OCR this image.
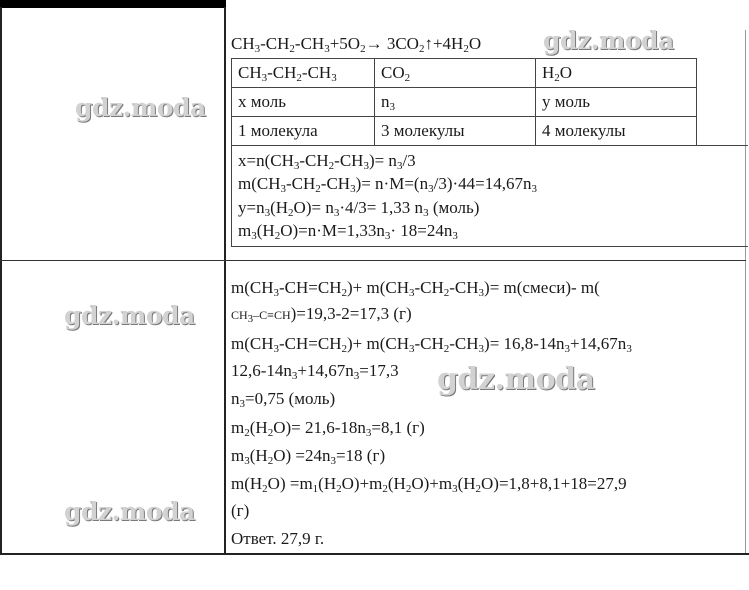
gdz.moda
gdz.moda
gdz.moda
gdz.moda
gdz.moda
$CH_3-CH_2-CH_3+5O_2\to$ $3CO_2↑+4H_2O$
$CH_3-CH_2-CH_3$	$CO_2$	$H_2O$
х моль	$n_3$	у моль
1 молекула	3 молекулы	4 молекулы
$x=n(CH_3-CH_2-CH_3)= n_3/3$
$m(CH_3-CH_2-CH_3)= n\cdot M=(n_3/3)\cdot 44=14,67n_3$
$y=n_3(H_2O)= n_3\cdot 4/3= 1,33$ $n_3$ (моль)
$m_3(H_2O)=n\cdot M=1,33n_3\cdot 18=24n_3$
$m(CH_3-CH=CH_2)+ m(CH_3-CH_2-CH_3)=$ m(смеси)- m(
$CH_3-C\equiv CH)=19,3-2=17,3$ (г)
$m(CH_3-CH=CH_2)+ m(CH_3-CH_2-CH_3)= 16,8-14n_3+14,67n_3$
$12,6-14n_3+14,67n_3=17,3$
$n_3=0,75$ (моль)
$m_2(H_2O)= 21,6-18n_3=8,1$ (г)
$m_3(H_2O) =24n_3=18$ (г)
$m(H_2O) =m_1(H_2O)+m_2(H_2O)+m_3(H_2O)=1,8+8,1+18=27,9$
(г)
Ответ. 27,9 г.
